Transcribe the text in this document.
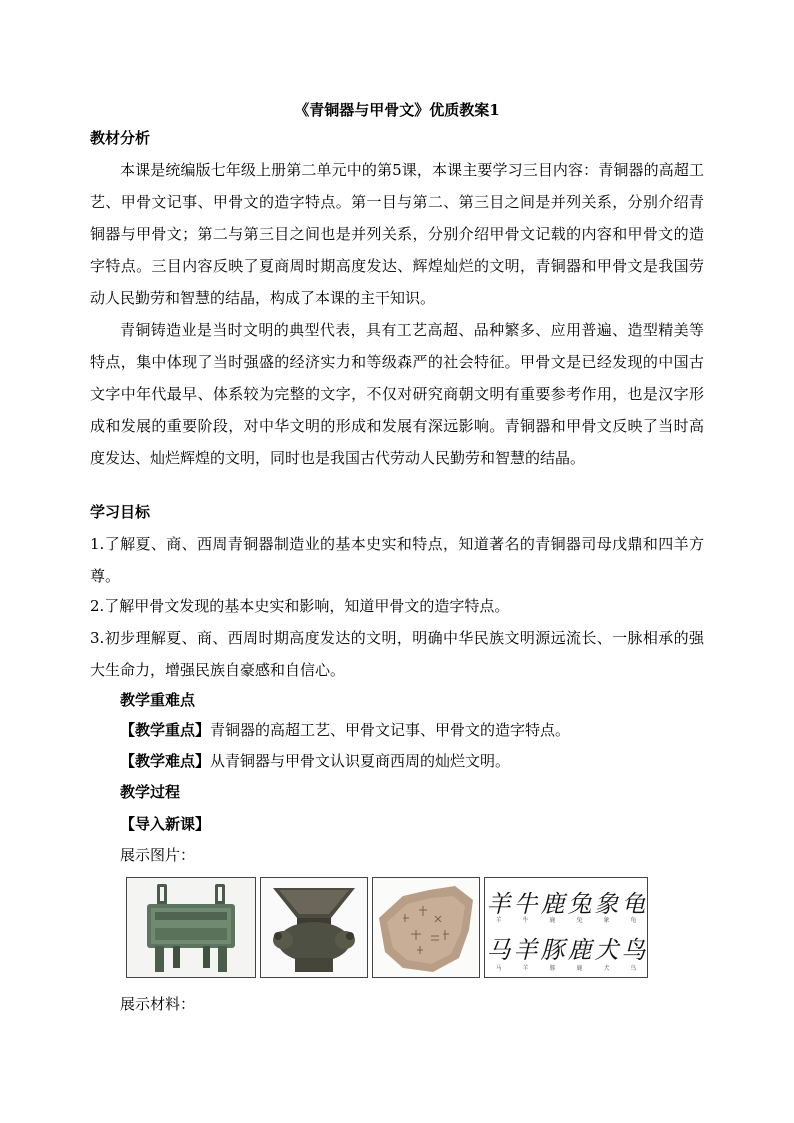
《青铜器与甲骨文》优质教案1
教材分析

本课是统编版七年级上册第二单元中的第5课，本课主要学习三目内容：青铜器的高超工艺、甲骨文记事、甲骨文的造字特点。第一目与第二、第三目之间是并列关系，分别介绍青铜器与甲骨文；第二与第三目之间也是并列关系，分别介绍甲骨文记载的内容和甲骨文的造字特点。三目内容反映了夏商周时期高度发达、辉煌灿烂的文明，青铜器和甲骨文是我国劳动人民勤劳和智慧的结晶，构成了本课的主干知识。

青铜铸造业是当时文明的典型代表，具有工艺高超、品种繁多、应用普遍、造型精美等特点，集中体现了当时强盛的经济实力和等级森严的社会特征。甲骨文是已经发现的中国古文字中年代最早、体系较为完整的文字，不仅对研究商朝文明有重要参考作用，也是汉字形成和发展的重要阶段，对中华文明的形成和发展有深远影响。青铜器和甲骨文反映了当时高度发达、灿烂辉煌的文明，同时也是我国古代劳动人民勤劳和智慧的结晶。

学习目标

1.了解夏、商、西周青铜器制造业的基本史实和特点，知道著名的青铜器司母戊鼎和四羊方尊。

2.了解甲骨文发现的基本史实和影响，知道甲骨文的造字特点。

3.初步理解夏、商、西周时期高度发达的文明，明确中华民族文明源远流长、一脉相承的强大生命力，增强民族自豪感和自信心。

教学重难点

【教学重点】青铜器的高超工艺、甲骨文记事、甲骨文的造字特点。

【教学难点】从青铜器与甲骨文认识夏商西周的灿烂文明。

教学过程
【导入新课】

展示图片：

羊
羊
牛
牛
鹿
鹿
兔
兔
象
象
龟
龟
马
马
羊
羊
豚
豚
鹿
鹿
犬
犬
鸟
鸟

展示材料：
